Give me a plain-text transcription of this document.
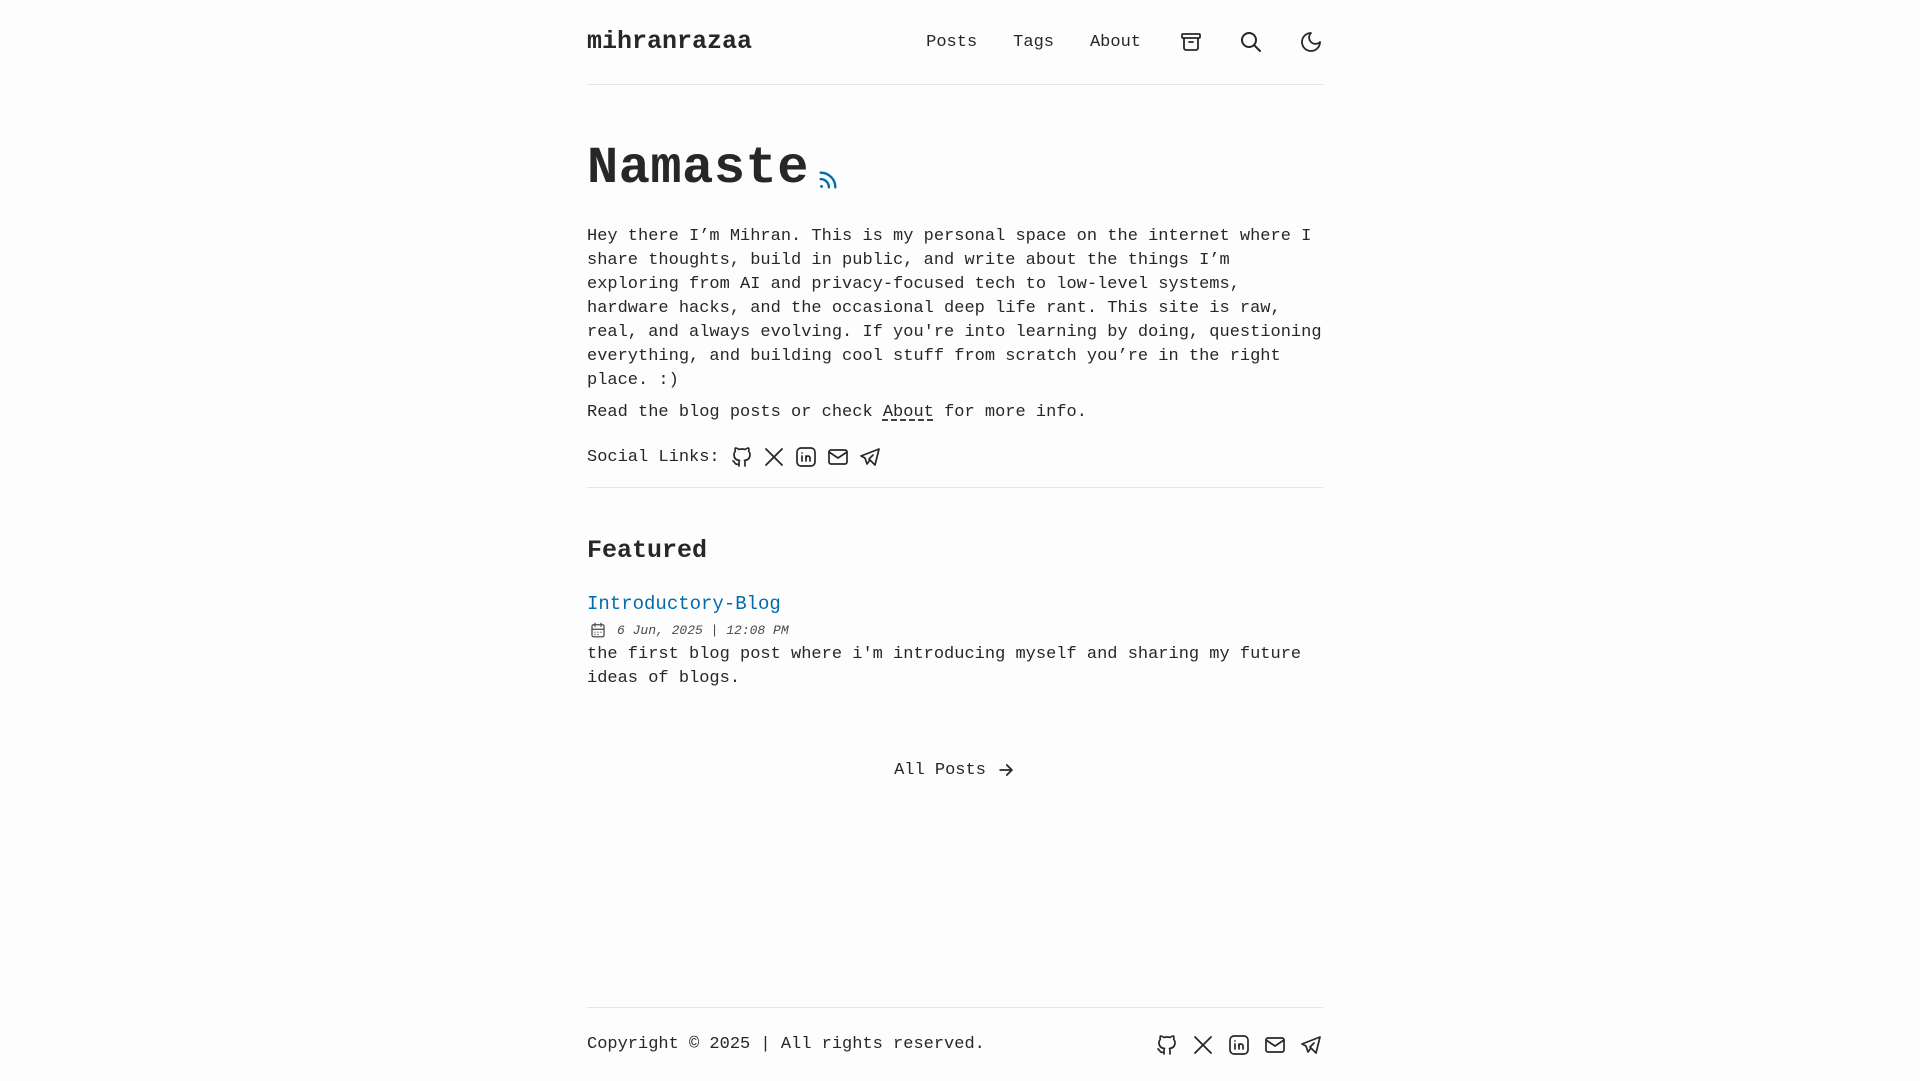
mihranrazaa	Posts Tags About
Namaste

Hey there I’m Mihran. This is my personal space on the internet where I share thoughts, build in public, and write about the things I’m exploring from AI and privacy-focused tech to low-level systems, hardware hacks, and the occasional deep life rant. This site is raw, real, and always evolving. If you're into learning by doing, questioning everything, and building cool stuff from scratch you’re in the right place. :)

Read the blog posts or check About for more info.

Social Links:
Featured
Introductory-Blog
6 Jun, 2025 | 12:08 PM

the first blog post where i'm introducing myself and sharing my future ideas of blogs.

All Posts
Copyright © 2025 | All rights reserved.
